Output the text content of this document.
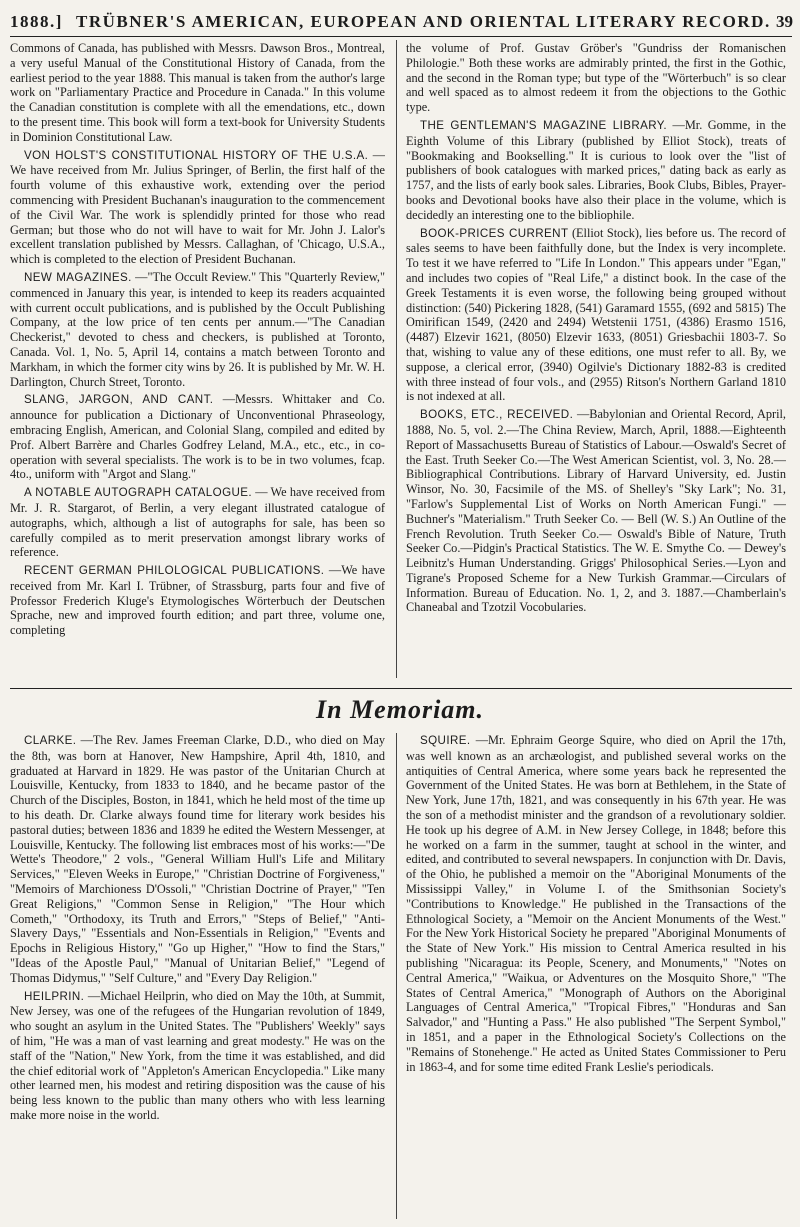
1888.] TRÜBNER'S AMERICAN, EUROPEAN AND ORIENTAL LITERARY RECORD. 39

Commons of Canada, has published with Messrs. Dawson Bros., Montreal, a very useful Manual of the Constitutional History of Canada, from the earliest period to the year 1888. This manual is taken from the author's large work on "Parliamentary Practice and Procedure in Canada." In this volume the Canadian constitution is complete with all the emendations, etc., down to the present time. This book will form a text-book for University Students in Dominion Constitutional Law.

VON HOLST'S CONSTITUTIONAL HISTORY OF THE U.S.A. —We have received from Mr. Julius Springer, of Berlin, the first half of the fourth volume of this exhaustive work, extending over the period commencing with President Buchanan's inauguration to the commencement of the Civil War. The work is splendidly printed for those who read German; but those who do not will have to wait for Mr. John J. Lalor's excellent translation published by Messrs. Callaghan, of 'Chicago, U.S.A., which is completed to the election of President Buchanan.

NEW MAGAZINES. —"The Occult Review." This "Quarterly Review," commenced in January this year, is intended to keep its readers acquainted with current occult publications, and is published by the Occult Publishing Company, at the low price of ten cents per annum.—"The Canadian Checkerist," devoted to chess and checkers, is published at Toronto, Canada. Vol. 1, No. 5, April 14, contains a match between Toronto and Markham, in which the former city wins by 26. It is published by Mr. W. H. Darlington, Church Street, Toronto.

SLANG, JARGON, AND CANT. —Messrs. Whittaker and Co. announce for publication a Dictionary of Unconventional Phraseology, embracing English, American, and Colonial Slang, compiled and edited by Prof. Albert Barrère and Charles Godfrey Leland, M.A., etc., etc., in co-operation with several specialists. The work is to be in two volumes, fcap. 4to., uniform with "Argot and Slang."

A NOTABLE AUTOGRAPH CATALOGUE. — We have received from Mr. J. R. Stargarot, of Berlin, a very elegant illustrated catalogue of autographs, which, although a list of autographs for sale, has been so carefully compiled as to merit preservation amongst library works of reference.

RECENT GERMAN PHILOLOGICAL PUBLICATIONS. —We have received from Mr. Karl I. Trübner, of Strassburg, parts four and five of Professor Frederich Kluge's Etymologisches Wörterbuch der Deutschen Sprache, new and improved fourth edition; and part three, volume one, completing

the volume of Prof. Gustav Gröber's "Gundriss der Romanischen Philologie." Both these works are admirably printed, the first in the Gothic, and the second in the Roman type; but type of the "Wörterbuch" is so clear and well spaced as to almost redeem it from the objections to the Gothic type.

THE GENTLEMAN'S MAGAZINE LIBRARY. —Mr. Gomme, in the Eighth Volume of this Library (published by Elliot Stock), treats of "Bookmaking and Bookselling." It is curious to look over the "list of publishers of book catalogues with marked prices," dating back as early as 1757, and the lists of early book sales. Libraries, Book Clubs, Bibles, Prayer-books and Devotional books have also their place in the volume, which is decidedly an interesting one to the bibliophile.

BOOK-PRICES CURRENT (Elliot Stock), lies before us. The record of sales seems to have been faithfully done, but the Index is very incomplete. To test it we have referred to "Life In London." This appears under "Egan," and includes two copies of "Real Life," a distinct book. In the case of the Greek Testaments it is even worse, the following being grouped without distinction: (540) Pickering 1828, (541) Garamard 1555, (692 and 5815) The Omirifican 1549, (2420 and 2494) Wetstenii 1751, (4386) Erasmo 1516, (4487) Elzevir 1621, (8050) Elzevir 1633, (8051) Griesbachii 1803-7. So that, wishing to value any of these editions, one must refer to all. By, we suppose, a clerical error, (3940) Ogilvie's Dictionary 1882-83 is credited with three instead of four vols., and (2955) Ritson's Northern Garland 1810 is not indexed at all.

BOOKS, ETC., RECEIVED. —Babylonian and Oriental Record, April, 1888, No. 5, vol. 2.—The China Review, March, April, 1888.—Eighteenth Report of Massachusetts Bureau of Statistics of Labour.—Oswald's Secret of the East. Truth Seeker Co.—The West American Scientist, vol. 3, No. 28.— Bibliographical Contributions. Library of Harvard University, ed. Justin Winsor, No. 30, Facsimile of the MS. of Shelley's "Sky Lark"; No. 31, "Farlow's Supplemental List of Works on North American Fungi." — Buchner's "Materialism." Truth Seeker Co. — Bell (W. S.) An Outline of the French Revolution. Truth Seeker Co.— Oswald's Bible of Nature, Truth Seeker Co.—Pidgin's Practical Statistics. The W. E. Smythe Co. — Dewey's Leibnitz's Human Understanding. Griggs' Philosophical Series.—Lyon and Tigrane's Proposed Scheme for a New Turkish Grammar.—Circulars of Information. Bureau of Education. No. 1, 2, and 3. 1887.—Chamberlain's Chaneabal and Tzotzil Vocobularies.

In Memoriam.

CLARKE. —The Rev. James Freeman Clarke, D.D., who died on May the 8th, was born at Hanover, New Hampshire, April 4th, 1810, and graduated at Harvard in 1829. He was pastor of the Unitarian Church at Louisville, Kentucky, from 1833 to 1840, and he became pastor of the Church of the Disciples, Boston, in 1841, which he held most of the time up to his death. Dr. Clarke always found time for literary work besides his pastoral duties; between 1836 and 1839 he edited the Western Messenger, at Louisville, Kentucky. The following list embraces most of his works:—"De Wette's Theodore," 2 vols., "General William Hull's Life and Military Services," "Eleven Weeks in Europe," "Christian Doctrine of Forgiveness," "Memoirs of Marchioness D'Ossoli," "Christian Doctrine of Prayer," "Ten Great Religions," "Common Sense in Religion," "The Hour which Cometh," "Orthodoxy, its Truth and Errors," "Steps of Belief," "Anti-Slavery Days," "Essentials and Non-Essentials in Religion," "Events and Epochs in Religious History," "Go up Higher," "How to find the Stars," "Ideas of the Apostle Paul," "Manual of Unitarian Belief," "Legend of Thomas Didymus," "Self Culture," and "Every Day Religion."

HEILPRIN. —Michael Heilprin, who died on May the 10th, at Summit, New Jersey, was one of the refugees of the Hungarian revolution of 1849, who sought an asylum in the United States. The "Publishers' Weekly" says of him, "He was a man of vast learning and great modesty." He was on the staff of the "Nation," New York, from the time it was established, and did the chief editorial work of "Appleton's American Encyclopedia." Like many other learned men, his modest and retiring disposition was the cause of his being less known to the public than many others who with less learning make more noise in the world.

SQUIRE. —Mr. Ephraim George Squire, who died on April the 17th, was well known as an archæologist, and published several works on the antiquities of Central America, where some years back he represented the Government of the United States. He was born at Bethlehem, in the State of New York, June 17th, 1821, and was consequently in his 67th year. He was the son of a methodist minister and the grandson of a revolutionary soldier. He took up his degree of A.M. in New Jersey College, in 1848; before this he worked on a farm in the summer, taught at school in the winter, and edited, and contributed to several newspapers. In conjunction with Dr. Davis, of the Ohio, he published a memoir on the "Aboriginal Monuments of the Mississippi Valley," in Volume I. of the Smithsonian Society's "Contributions to Knowledge." He published in the Transactions of the Ethnological Society, a "Memoir on the Ancient Monuments of the West." For the New York Historical Society he prepared "Aboriginal Monuments of the State of New York." His mission to Central America resulted in his publishing "Nicaragua: its People, Scenery, and Monuments," "Notes on Central America," "Waikua, or Adventures on the Mosquito Shore," "The States of Central America," "Monograph of Authors on the Aboriginal Languages of Central America," "Tropical Fibres," "Honduras and San Salvador," and "Hunting a Pass." He also published "The Serpent Symbol," in 1851, and a paper in the Ethnological Society's Collections on the "Remains of Stonehenge." He acted as United States Commissioner to Peru in 1863-4, and for some time edited Frank Leslie's periodicals.
